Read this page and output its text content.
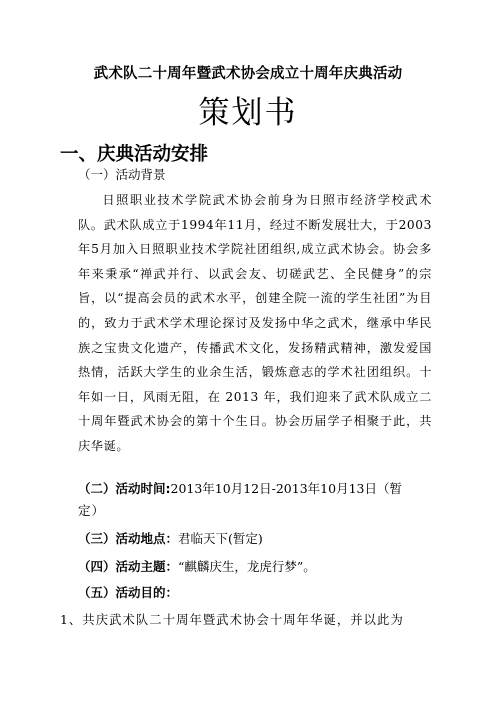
武术队二十周年暨武术协会成立十周年庆典活动
策划书
一、庆典活动安排
（一）活动背景
日照职业技术学院武术协会前身为日照市经济学校武术队。武术队成立于1994年11月，经过不断发展壮大，于2003年5月加入日照职业技术学院社团组织,成立武术协会。协会多年来秉承“禅武并行、以武会友、切磋武艺、全民健身”的宗旨，以“提高会员的武术水平，创建全院一流的学生社团”为目的，致力于武术学术理论探讨及发扬中华之武术，继承中华民族之宝贵文化遗产，传播武术文化，发扬精武精神，激发爱国热情，活跃大学生的业余生活，锻炼意志的学术社团组织。十年如一日，风雨无阻，在 2013 年，我们迎来了武术队成立二十周年暨武术协会的第十个生日。协会历届学子相聚于此，共庆华诞。
（二）活动时间:2013年10月12日-2013年10月13日（暂
定）
（三）活动地点：君临天下(暂定)
（四）活动主题：“麒麟庆生，龙虎行梦”。
（五）活动目的：
1、共庆武术队二十周年暨武术协会十周年华诞，并以此为
